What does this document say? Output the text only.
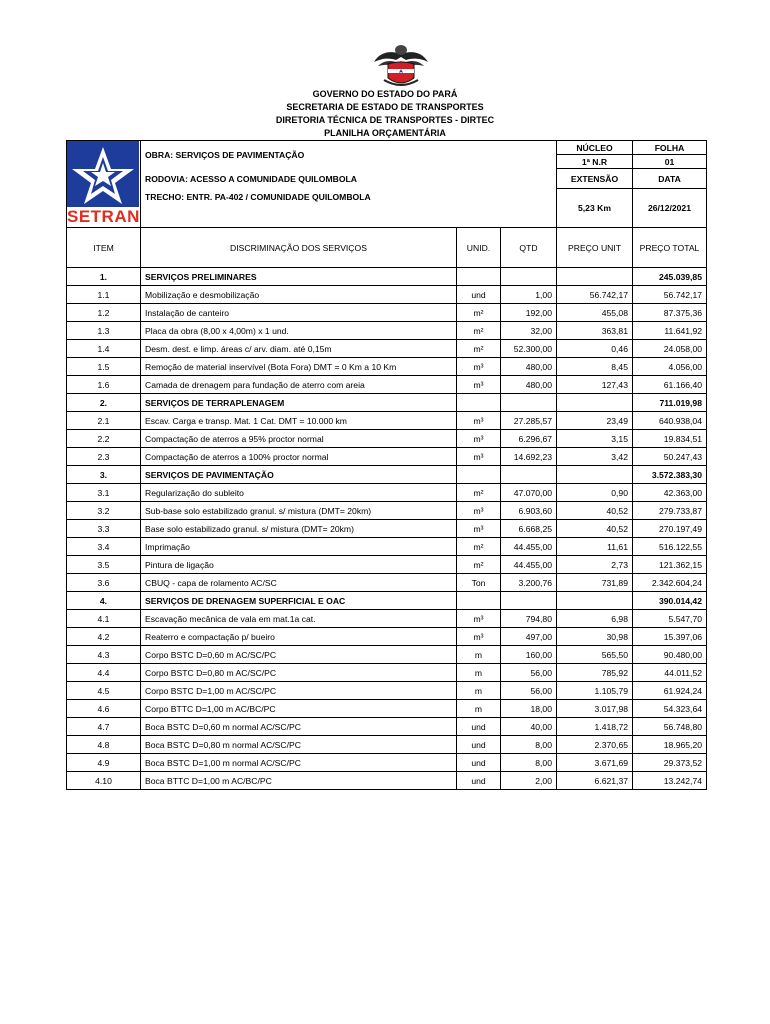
GOVERNO DO ESTADO DO PARÁ
SECRETARIA DE ESTADO DE TRANSPORTES
DIRETORIA TÉCNICA DE TRANSPORTES - DIRTEC
PLANILHA ORÇAMENTÁRIA
SETRAN	OBRA: SERVIÇOS DE PAVIMENTAÇÃO			NÚCLEO	FOLHA
				1ª N.R	01
	RODOVIA: ACESSO A COMUNIDADE QUILOMBOLA			EXTENSÃO	DATA
	TRECHO: ENTR. PA-402 / COMUNIDADE QUILOMBOLA			5,23 Km	26/12/2021

ITEM	DISCRIMINAÇÃO DOS SERVIÇOS	UNID.	QTD	PREÇO UNIT	PREÇO TOTAL
1.	SERVIÇOS PRELIMINARES				245.039,85
1.1	Mobilização e desmobilização	und	1,00	56.742,17	56.742,17
1.2	Instalação de canteiro	m²	192,00	455,08	87.375,36
1.3	Placa da obra (8,00 x 4,00m) x 1 und.	m²	32,00	363,81	11.641,92
1.4	Desm. dest. e limp. áreas c/ arv. diam. até 0,15m	m²	52.300,00	0,46	24.058,00
1.5	Remoção de material inservível (Bota Fora) DMT = 0 Km a 10 Km	m³	480,00	8,45	4.056,00
1.6	Camada de drenagem para fundação de aterro com areia	m³	480,00	127,43	61.166,40
2.	SERVIÇOS DE TERRAPLENAGEM				711.019,98
2.1	Escav. Carga e transp. Mat. 1 Cat. DMT = 10.000 km	m³	27.285,57	23,49	640.938,04
2.2	Compactação de aterros a 95% proctor normal	m³	6.296,67	3,15	19.834,51
2.3	Compactação de aterros a 100% proctor normal	m³	14.692,23	3,42	50.247,43
3.	SERVIÇOS DE PAVIMENTAÇÃO				3.572.383,30
3.1	Regularização do subleito	m²	47.070,00	0,90	42.363,00
3.2	Sub-base solo estabilizado granul. s/ mistura (DMT= 20km)	m³	6.903,60	40,52	279.733,87
3.3	Base solo estabilizado granul. s/ mistura (DMT= 20km)	m³	6.668,25	40,52	270.197,49
3.4	Imprimação	m²	44.455,00	11,61	516.122,55
3.5	Pintura de ligação	m²	44.455,00	2,73	121.362,15
3.6	CBUQ - capa de rolamento AC/SC	Ton	3.200,76	731,89	2.342.604,24
4.	SERVIÇOS DE DRENAGEM SUPERFICIAL E OAC				390.014,42
4.1	Escavação mecânica de vala em mat.1a cat.	m³	794,80	6,98	5.547,70
4.2	Reaterro e compactação p/ bueiro	m³	497,00	30,98	15.397,06
4.3	Corpo BSTC D=0,60 m AC/SC/PC	m	160,00	565,50	90.480,00
4.4	Corpo BSTC D=0,80 m AC/SC/PC	m	56,00	785,92	44.011,52
4.5	Corpo BSTC D=1,00 m AC/SC/PC	m	56,00	1.105,79	61.924,24
4.6	Corpo BTTC D=1,00 m AC/BC/PC	m	18,00	3.017,98	54.323,64
4.7	Boca BSTC D=0,60 m normal AC/SC/PC	und	40,00	1.418,72	56.748,80
4.8	Boca BSTC D=0,80 m normal AC/SC/PC	und	8,00	2.370,65	18.965,20
4.9	Boca BSTC D=1,00 m normal AC/SC/PC	und	8,00	3.671,69	29.373,52
4.10	Boca BTTC D=1,00 m AC/BC/PC	und	2,00	6.621,37	13.242,74
